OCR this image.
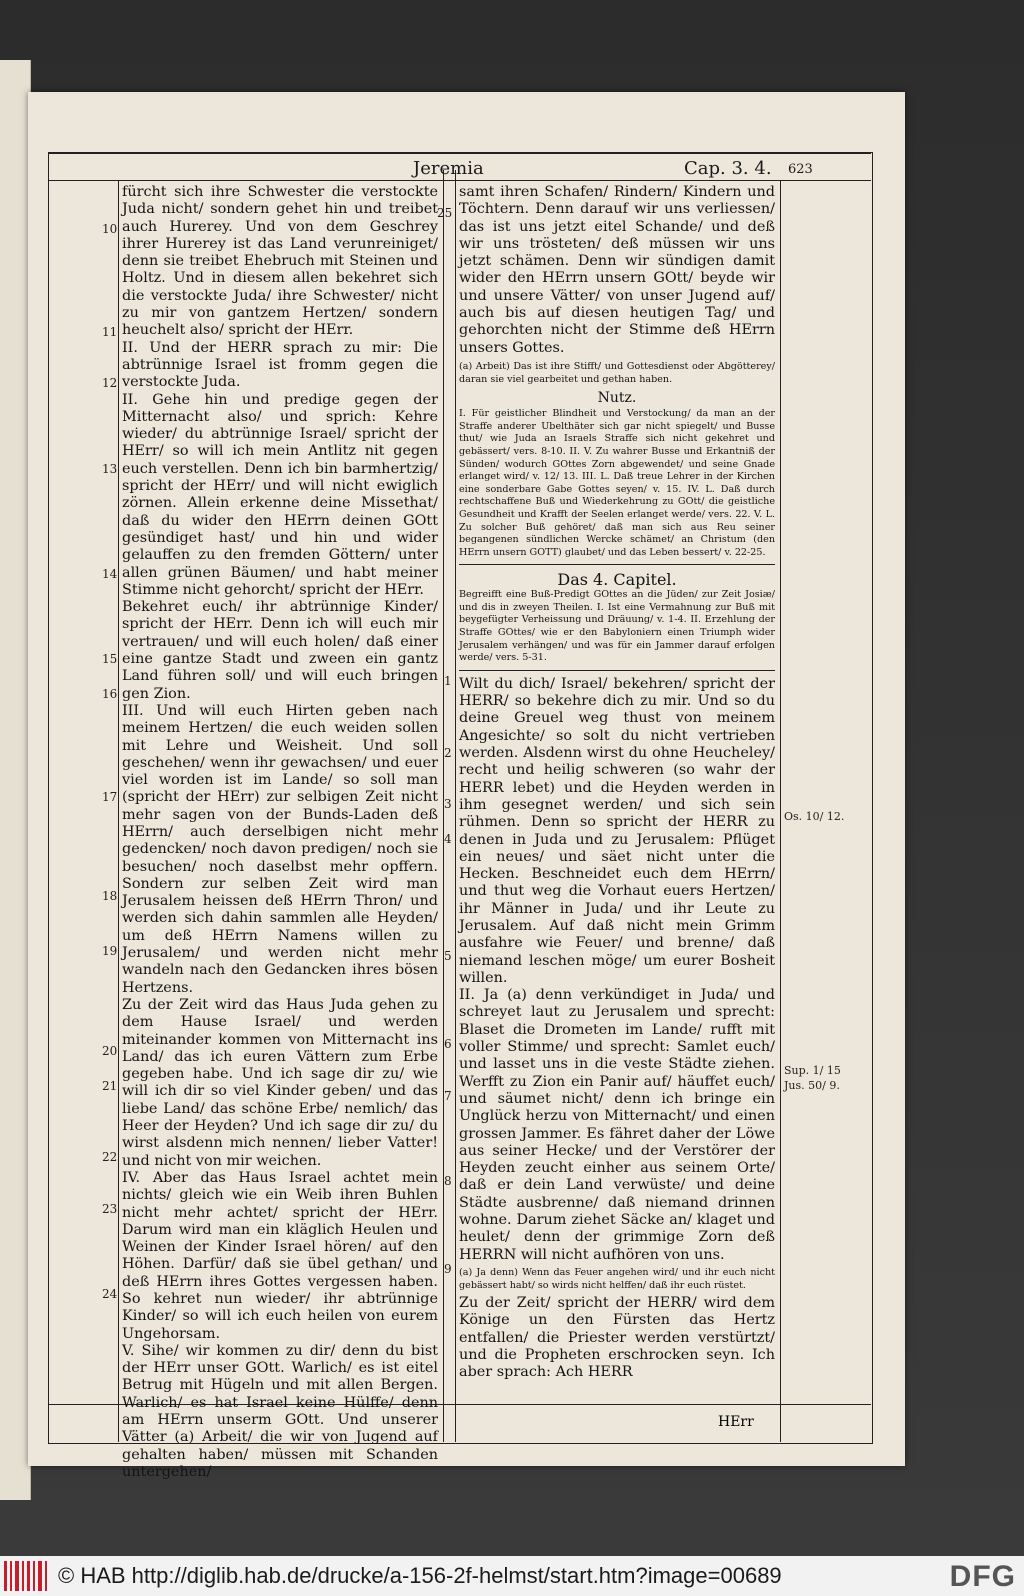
Jeremia	Cap. 3. 4. 623
10
11
12
13
14
15
16
17
18
19
20
21
22
23
24

fürcht sich ihre Schwester die verstockte Juda nicht/ sondern gehet hin und treibet auch Hurerey. Und von dem Geschrey ihrer Hurerey ist das Land verunreiniget/ denn sie treibet Ehebruch mit Steinen und Holtz. Und in diesem allen bekehret sich die verstockte Juda/ ihre Schwester/ nicht zu mir von gantzem Hertzen/ sondern heuchelt also/ spricht der HErr.

II. Und der HERR sprach zu mir: Die abtrünnige Israel ist fromm gegen die verstockte Juda.

II. Gehe hin und predige gegen der Mitternacht also/ und sprich: Kehre wieder/ du abtrünnige Israel/ spricht der HErr/ so will ich mein Antlitz nit gegen euch verstellen. Denn ich bin barmhertzig/ spricht der HErr/ und will nicht ewiglich zörnen. Allein erkenne deine Missethat/ daß du wider den HErrn deinen GOtt gesündiget hast/ und hin und wider gelauffen zu den fremden Göttern/ unter allen grünen Bäumen/ und habt meiner Stimme nicht gehorcht/ spricht der HErr.

Bekehret euch/ ihr abtrünnige Kinder/ spricht der HErr. Denn ich will euch mir vertrauen/ und will euch holen/ daß einer eine gantze Stadt und zween ein gantz Land führen soll/ und will euch bringen gen Zion.

III. Und will euch Hirten geben nach meinem Hertzen/ die euch weiden sollen mit Lehre und Weisheit. Und soll geschehen/ wenn ihr gewachsen/ und euer viel worden ist im Lande/ so soll man (spricht der HErr) zur selbigen Zeit nicht mehr sagen von der Bunds-Laden deß HErrn/ auch derselbigen nicht mehr gedencken/ noch davon predigen/ noch sie besuchen/ noch daselbst mehr opffern. Sondern zur selben Zeit wird man Jerusalem heissen deß HErrn Thron/ und werden sich dahin sammlen alle Heyden/ um deß HErrn Namens willen zu Jerusalem/ und werden nicht mehr wandeln nach den Gedancken ihres bösen Hertzens.

Zu der Zeit wird das Haus Juda gehen zu dem Hause Israel/ und werden miteinander kommen von Mitternacht ins Land/ das ich euren Vättern zum Erbe gegeben habe. Und ich sage dir zu/ wie will ich dir so viel Kinder geben/ und das liebe Land/ das schöne Erbe/ nemlich/ das Heer der Heyden? Und ich sage dir zu/ du wirst alsdenn mich nennen/ lieber Vatter! und nicht von mir weichen.

IV. Aber das Haus Israel achtet mein nichts/ gleich wie ein Weib ihren Buhlen nicht mehr achtet/ spricht der HErr. Darum wird man ein kläglich Heulen und Weinen der Kinder Israel hören/ auf den Höhen. Darfür/ daß sie übel gethan/ und deß HErrn ihres Gottes vergessen haben. So kehret nun wieder/ ihr abtrünnige Kinder/ so will ich euch heilen von eurem Ungehorsam.

V. Sihe/ wir kommen zu dir/ denn du bist der HErr unser GOtt. Warlich/ es ist eitel Betrug mit Hügeln und mit allen Bergen. Warlich/ es hat Israel keine Hülffe/ denn am HErrn unserm GOtt. Und unserer Vätter (a) Arbeit/ die wir von Jugend auf gehalten haben/ müssen mit Schanden untergehen/

25
1
2
3
4
5
6
7
8
9

samt ihren Schafen/ Rindern/ Kindern und Töchtern. Denn darauf wir uns verliessen/ das ist uns jetzt eitel Schande/ und deß wir uns trösteten/ deß müssen wir uns jetzt schämen. Denn wir sündigen damit wider den HErrn unsern GOtt/ beyde wir und unsere Vätter/ von unser Jugend auf/ auch bis auf diesen heutigen Tag/ und gehorchten nicht der Stimme deß HErrn unsers Gottes.

(a) Arbeit) Das ist ihre Stifft/ und Gottesdienst oder Abgötterey/ daran sie viel gearbeitet und gethan haben.

Nutz.

I. Für geistlicher Blindheit und Verstockung/ da man an der Straffe anderer Ubelthäter sich gar nicht spiegelt/ und Busse thut/ wie Juda an Israels Straffe sich nicht gekehret und gebässert/ vers. 8-10. II. V. Zu wahrer Busse und Erkantniß der Sünden/ wodurch GOttes Zorn abgewendet/ und seine Gnade erlanget wird/ v. 12/ 13. III. L. Daß treue Lehrer in der Kirchen eine sonderbare Gabe Gottes seyen/ v. 15. IV. L. Daß durch rechtschaffene Buß und Wiederkehrung zu GOtt/ die geistliche Gesundheit und Krafft der Seelen erlanget werde/ vers. 22. V. L. Zu solcher Buß gehöret/ daß man sich aus Reu seiner begangenen sündlichen Wercke schämet/ an Christum (den HErrn unsern GOTT) glaubet/ und das Leben bessert/ v. 22-25.

Das 4. Capitel.

Begreifft eine Buß-Predigt GOttes an die Jüden/ zur Zeit Josiæ/ und dis in zweyen Theilen. I. Ist eine Vermahnung zur Buß mit beygefügter Verheissung und Dräuung/ v. 1-4. II. Erzehlung der Straffe GOttes/ wie er den Babyloniern einen Triumph wider Jerusalem verhängen/ und was für ein Jammer darauf erfolgen werde/ vers. 5-31.

Wilt du dich/ Israel/ bekehren/ spricht der HERR/ so bekehre dich zu mir. Und so du deine Greuel weg thust von meinem Angesichte/ so solt du nicht vertrieben werden. Alsdenn wirst du ohne Heucheley/ recht und heilig schweren (so wahr der HERR lebet) und die Heyden werden in ihm gesegnet werden/ und sich sein rühmen. Denn so spricht der HERR zu denen in Juda und zu Jerusalem: Pflüget ein neues/ und säet nicht unter die Hecken. Beschneidet euch dem HErrn/ und thut weg die Vorhaut euers Hertzen/ ihr Männer in Juda/ und ihr Leute zu Jerusalem. Auf daß nicht mein Grimm ausfahre wie Feuer/ und brenne/ daß niemand leschen möge/ um eurer Bosheit willen.

II. Ja (a) denn verkündiget in Juda/ und schreyet laut zu Jerusalem und sprecht: Blaset die Drometen im Lande/ rufft mit voller Stimme/ und sprecht: Samlet euch/ und lasset uns in die veste Städte ziehen. Werfft zu Zion ein Panir auf/ häuffet euch/ und säumet nicht/ denn ich bringe ein Unglück herzu von Mitternacht/ und einen grossen Jammer. Es fähret daher der Löwe aus seiner Hecke/ und der Verstörer der Heyden zeucht einher aus seinem Orte/ daß er dein Land verwüste/ und deine Städte ausbrenne/ daß niemand drinnen wohne. Darum ziehet Säcke an/ klaget und heulet/ denn der grimmige Zorn deß HERRN will nicht aufhören von uns.

(a) Ja denn) Wenn das Feuer angehen wird/ und ihr euch nicht gebässert habt/ so wirds nicht helffen/ daß ihr euch rüstet.

Zu der Zeit/ spricht der HERR/ wird dem Könige un den Fürsten das Hertz entfallen/ die Priester werden verstürtzt/ und die Propheten erschrocken seyn. Ich aber sprach: Ach HERR

HErr
Os. 10/ 12.
Sup. 1/ 15
Jus. 50/ 9.
© HAB http://diglib.hab.de/drucke/a-156-2f-helmst/start.htm?image=00689	DFG
